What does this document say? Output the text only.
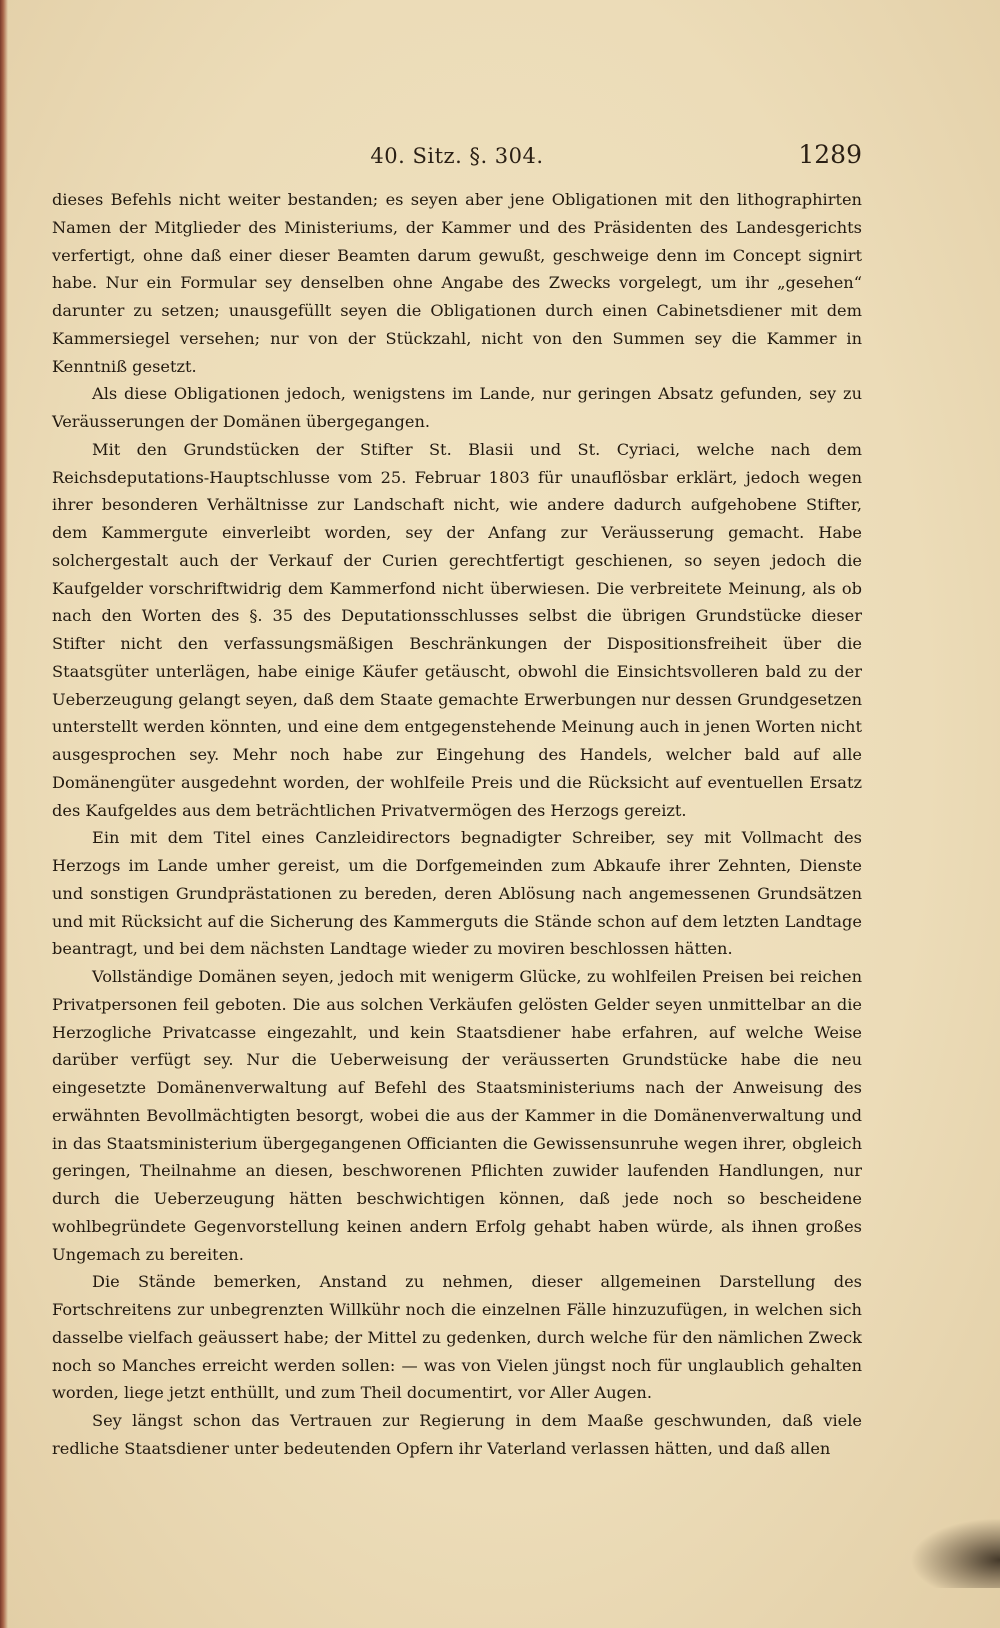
40. Sitz. §. 304.	1289

dieses Befehls nicht weiter bestanden; es seyen aber jene Obligationen mit den lithographirten Namen der Mitglieder des Ministeriums, der Kammer und des Präsidenten des Landesgerichts verfertigt, ohne daß einer dieser Beamten darum gewußt, geschweige denn im Concept signirt habe. Nur ein Formular sey denselben ohne Angabe des Zwecks vorgelegt, um ihr „gesehen“ darunter zu setzen; unausgefüllt seyen die Obligationen durch einen Cabinetsdiener mit dem Kammersiegel versehen; nur von der Stückzahl, nicht von den Summen sey die Kammer in Kenntniß gesetzt.

Als diese Obligationen jedoch, wenigstens im Lande, nur geringen Absatz gefunden, sey zu Veräusserungen der Domänen übergegangen.

Mit den Grundstücken der Stifter St. Blasii und St. Cyriaci, welche nach dem Reichsdeputations-Hauptschlusse vom 25. Februar 1803 für unauflösbar erklärt, jedoch wegen ihrer besonderen Verhältnisse zur Landschaft nicht, wie andere dadurch aufgehobene Stifter, dem Kammergute einverleibt worden, sey der Anfang zur Veräusserung gemacht. Habe solchergestalt auch der Verkauf der Curien gerechtfertigt geschienen, so seyen jedoch die Kaufgelder vorschriftwidrig dem Kammerfond nicht überwiesen. Die verbreitete Meinung, als ob nach den Worten des §. 35 des Deputationsschlusses selbst die übrigen Grundstücke dieser Stifter nicht den verfassungsmäßigen Beschränkungen der Dispositionsfreiheit über die Staatsgüter unterlägen, habe einige Käufer getäuscht, obwohl die Einsichtsvolleren bald zu der Ueberzeugung gelangt seyen, daß dem Staate gemachte Erwerbungen nur dessen Grundgesetzen unterstellt werden könnten, und eine dem entgegenstehende Meinung auch in jenen Worten nicht ausgesprochen sey. Mehr noch habe zur Eingehung des Handels, welcher bald auf alle Domänengüter ausgedehnt worden, der wohlfeile Preis und die Rücksicht auf eventuellen Ersatz des Kaufgeldes aus dem beträchtlichen Privatvermögen des Herzogs gereizt.

Ein mit dem Titel eines Canzleidirectors begnadigter Schreiber, sey mit Vollmacht des Herzogs im Lande umher gereist, um die Dorfgemeinden zum Abkaufe ihrer Zehnten, Dienste und sonstigen Grundprästationen zu bereden, deren Ablösung nach angemessenen Grundsätzen und mit Rücksicht auf die Sicherung des Kammerguts die Stände schon auf dem letzten Landtage beantragt, und bei dem nächsten Landtage wieder zu moviren beschlossen hätten.

Vollständige Domänen seyen, jedoch mit wenigerm Glücke, zu wohlfeilen Preisen bei reichen Privatpersonen feil geboten. Die aus solchen Verkäufen gelösten Gelder seyen unmittelbar an die Herzogliche Privatcasse eingezahlt, und kein Staatsdiener habe erfahren, auf welche Weise darüber verfügt sey. Nur die Ueberweisung der veräusserten Grundstücke habe die neu eingesetzte Domänenverwaltung auf Befehl des Staatsministeriums nach der Anweisung des erwähnten Bevollmächtigten besorgt, wobei die aus der Kammer in die Domänenverwaltung und in das Staatsministerium übergegangenen Officianten die Gewissensunruhe wegen ihrer, obgleich geringen, Theilnahme an diesen, beschworenen Pflichten zuwider laufenden Handlungen, nur durch die Ueberzeugung hätten beschwichtigen können, daß jede noch so bescheidene wohlbegründete Gegenvorstellung keinen andern Erfolg gehabt haben würde, als ihnen großes Ungemach zu bereiten.

Die Stände bemerken, Anstand zu nehmen, dieser allgemeinen Darstellung des Fortschreitens zur unbegrenzten Willkühr noch die einzelnen Fälle hinzuzufügen, in welchen sich dasselbe vielfach geäussert habe; der Mittel zu gedenken, durch welche für den nämlichen Zweck noch so Manches erreicht werden sollen: — was von Vielen jüngst noch für unglaublich gehalten worden, liege jetzt enthüllt, und zum Theil documentirt, vor Aller Augen.

Sey längst schon das Vertrauen zur Regierung in dem Maaße geschwunden, daß viele redliche Staatsdiener unter bedeutenden Opfern ihr Vaterland verlassen hätten, und daß allen
